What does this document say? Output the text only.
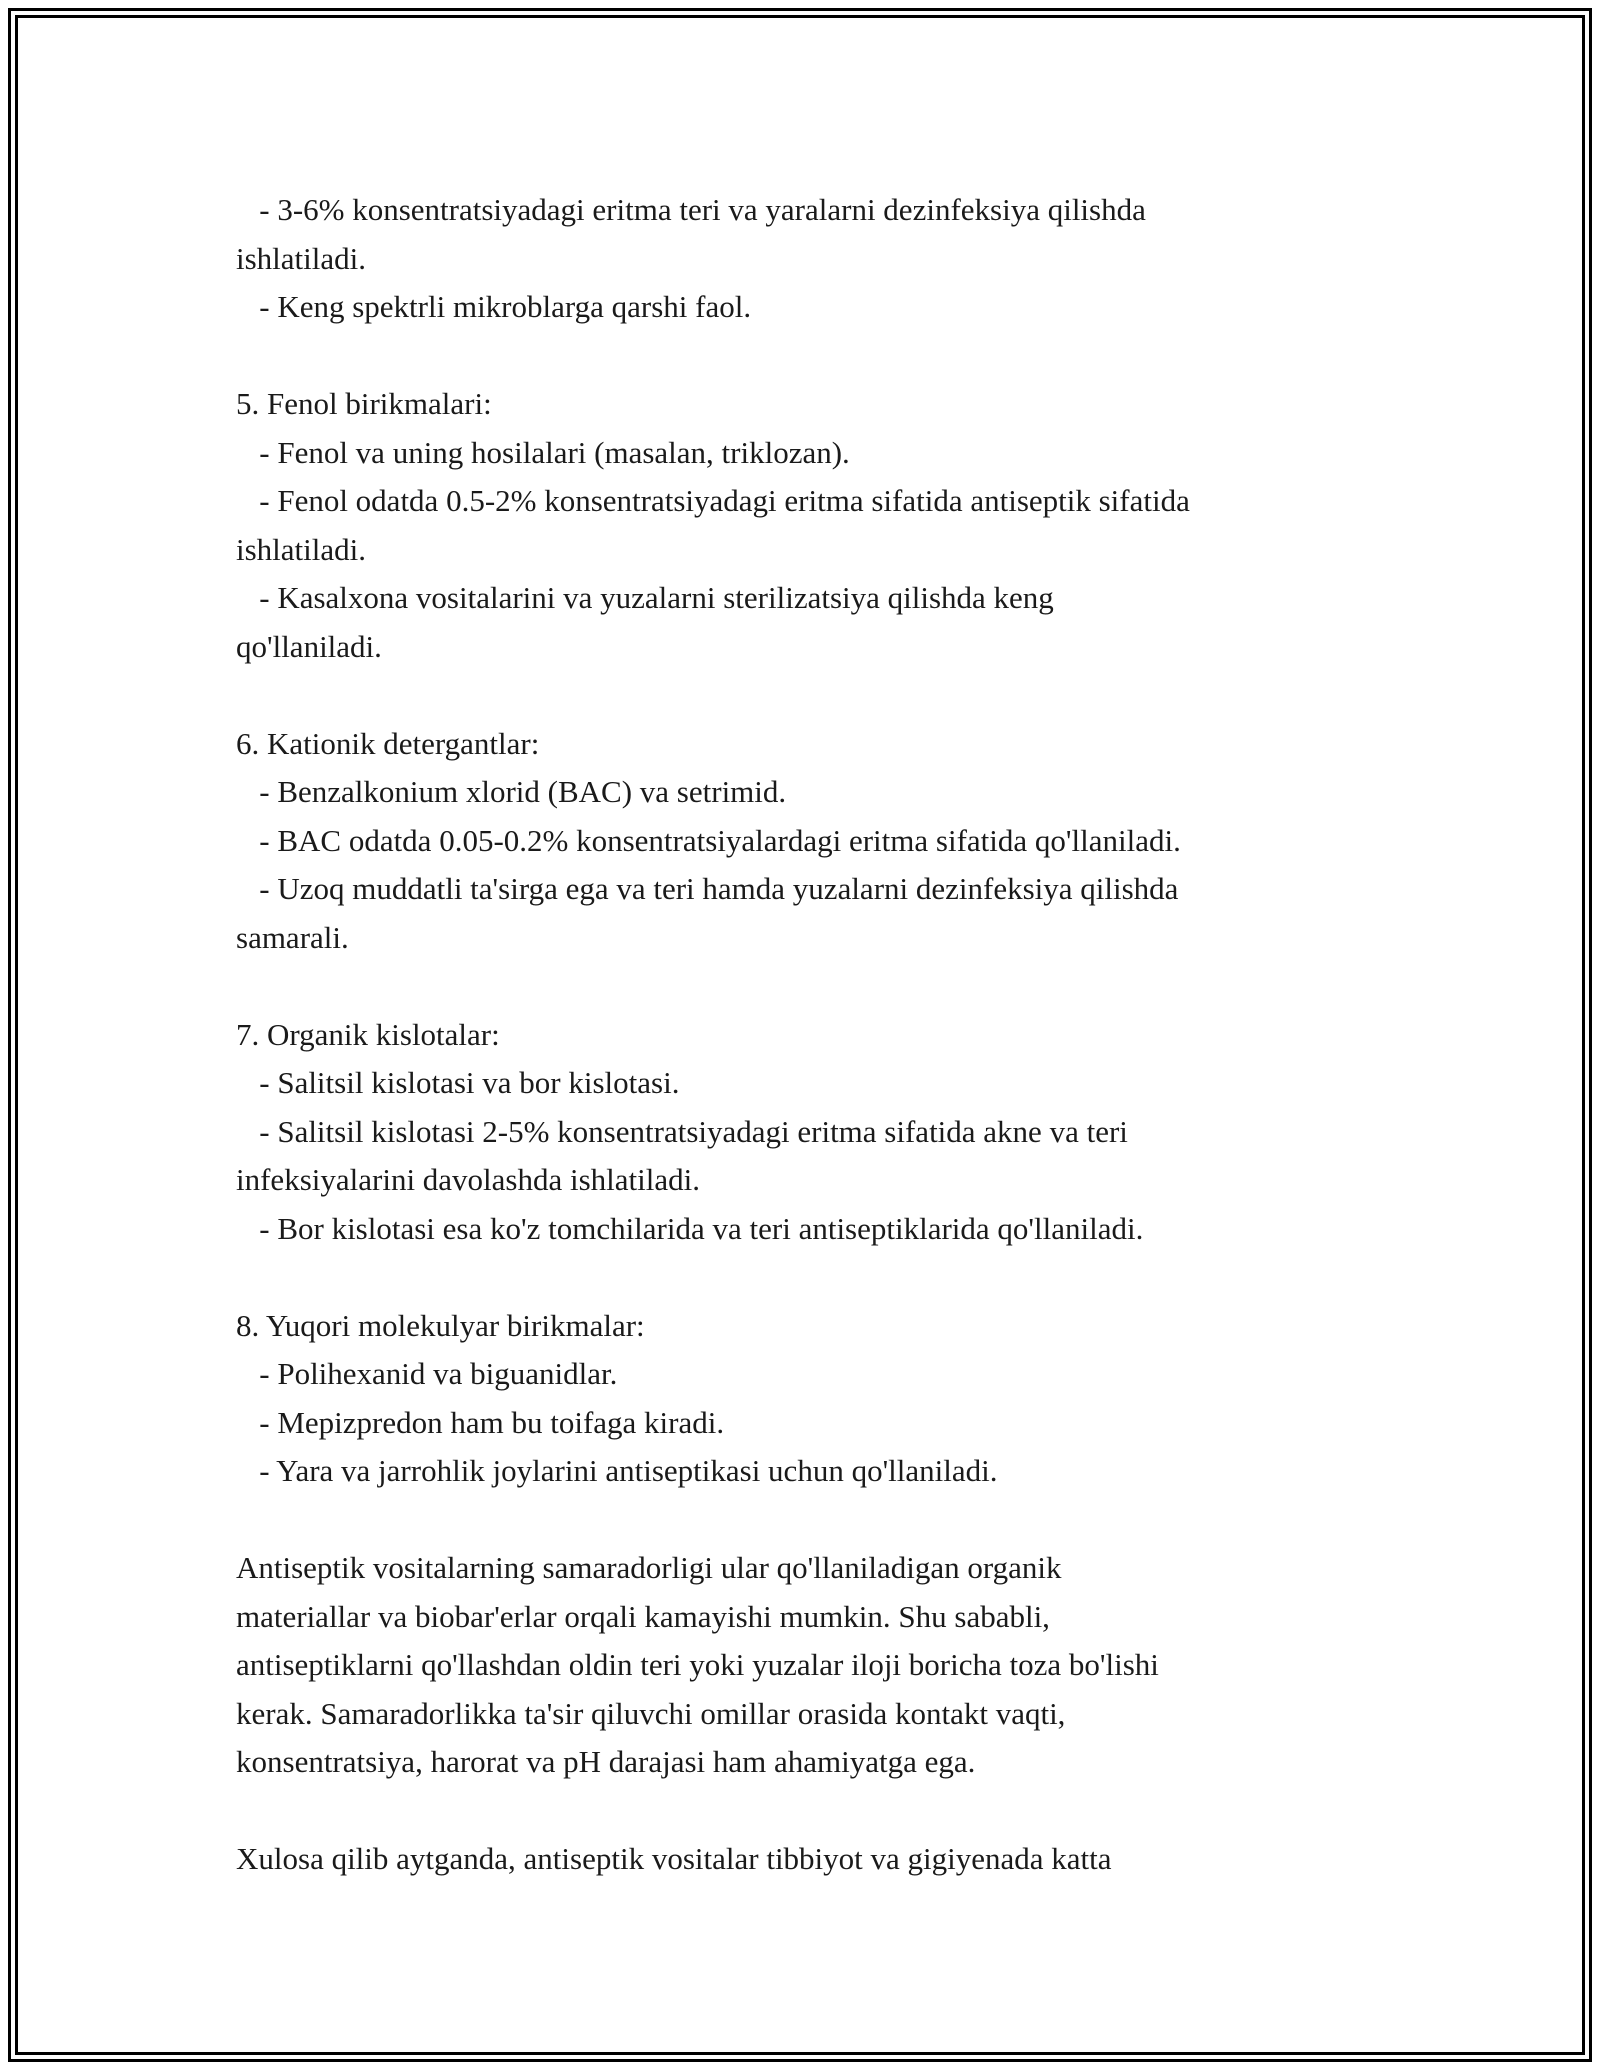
- 3-6% konsentratsiyadagi eritma teri va yaralarni dezinfeksiya qilishda

ishlatiladi.

- Keng spektrli mikroblarga qarshi faol.

5. Fenol birikmalari:

- Fenol va uning hosilalari (masalan, triklozan).

- Fenol odatda 0.5-2% konsentratsiyadagi eritma sifatida antiseptik sifatida

ishlatiladi.

- Kasalxona vositalarini va yuzalarni sterilizatsiya qilishda keng

qo'llaniladi.

6. Kationik detergantlar:

- Benzalkonium xlorid (BAC) va setrimid.

- BAC odatda 0.05-0.2% konsentratsiyalardagi eritma sifatida qo'llaniladi.

- Uzoq muddatli ta'sirga ega va teri hamda yuzalarni dezinfeksiya qilishda

samarali.

7. Organik kislotalar:

- Salitsil kislotasi va bor kislotasi.

- Salitsil kislotasi 2-5% konsentratsiyadagi eritma sifatida akne va teri

infeksiyalarini davolashda ishlatiladi.

- Bor kislotasi esa ko'z tomchilarida va teri antiseptiklarida qo'llaniladi.

8. Yuqori molekulyar birikmalar:

- Polihexanid va biguanidlar.

- Mepizpredon ham bu toifaga kiradi.

- Yara va jarrohlik joylarini antiseptikasi uchun qo'llaniladi.

Antiseptik vositalarning samaradorligi ular qo'llaniladigan organik

materiallar va biobar'erlar orqali kamayishi mumkin. Shu sababli,

antiseptiklarni qo'llashdan oldin teri yoki yuzalar iloji boricha toza bo'lishi

kerak. Samaradorlikka ta'sir qiluvchi omillar orasida kontakt vaqti,

konsentratsiya, harorat va pH darajasi ham ahamiyatga ega.

Xulosa qilib aytganda, antiseptik vositalar tibbiyot va gigiyenada katta
